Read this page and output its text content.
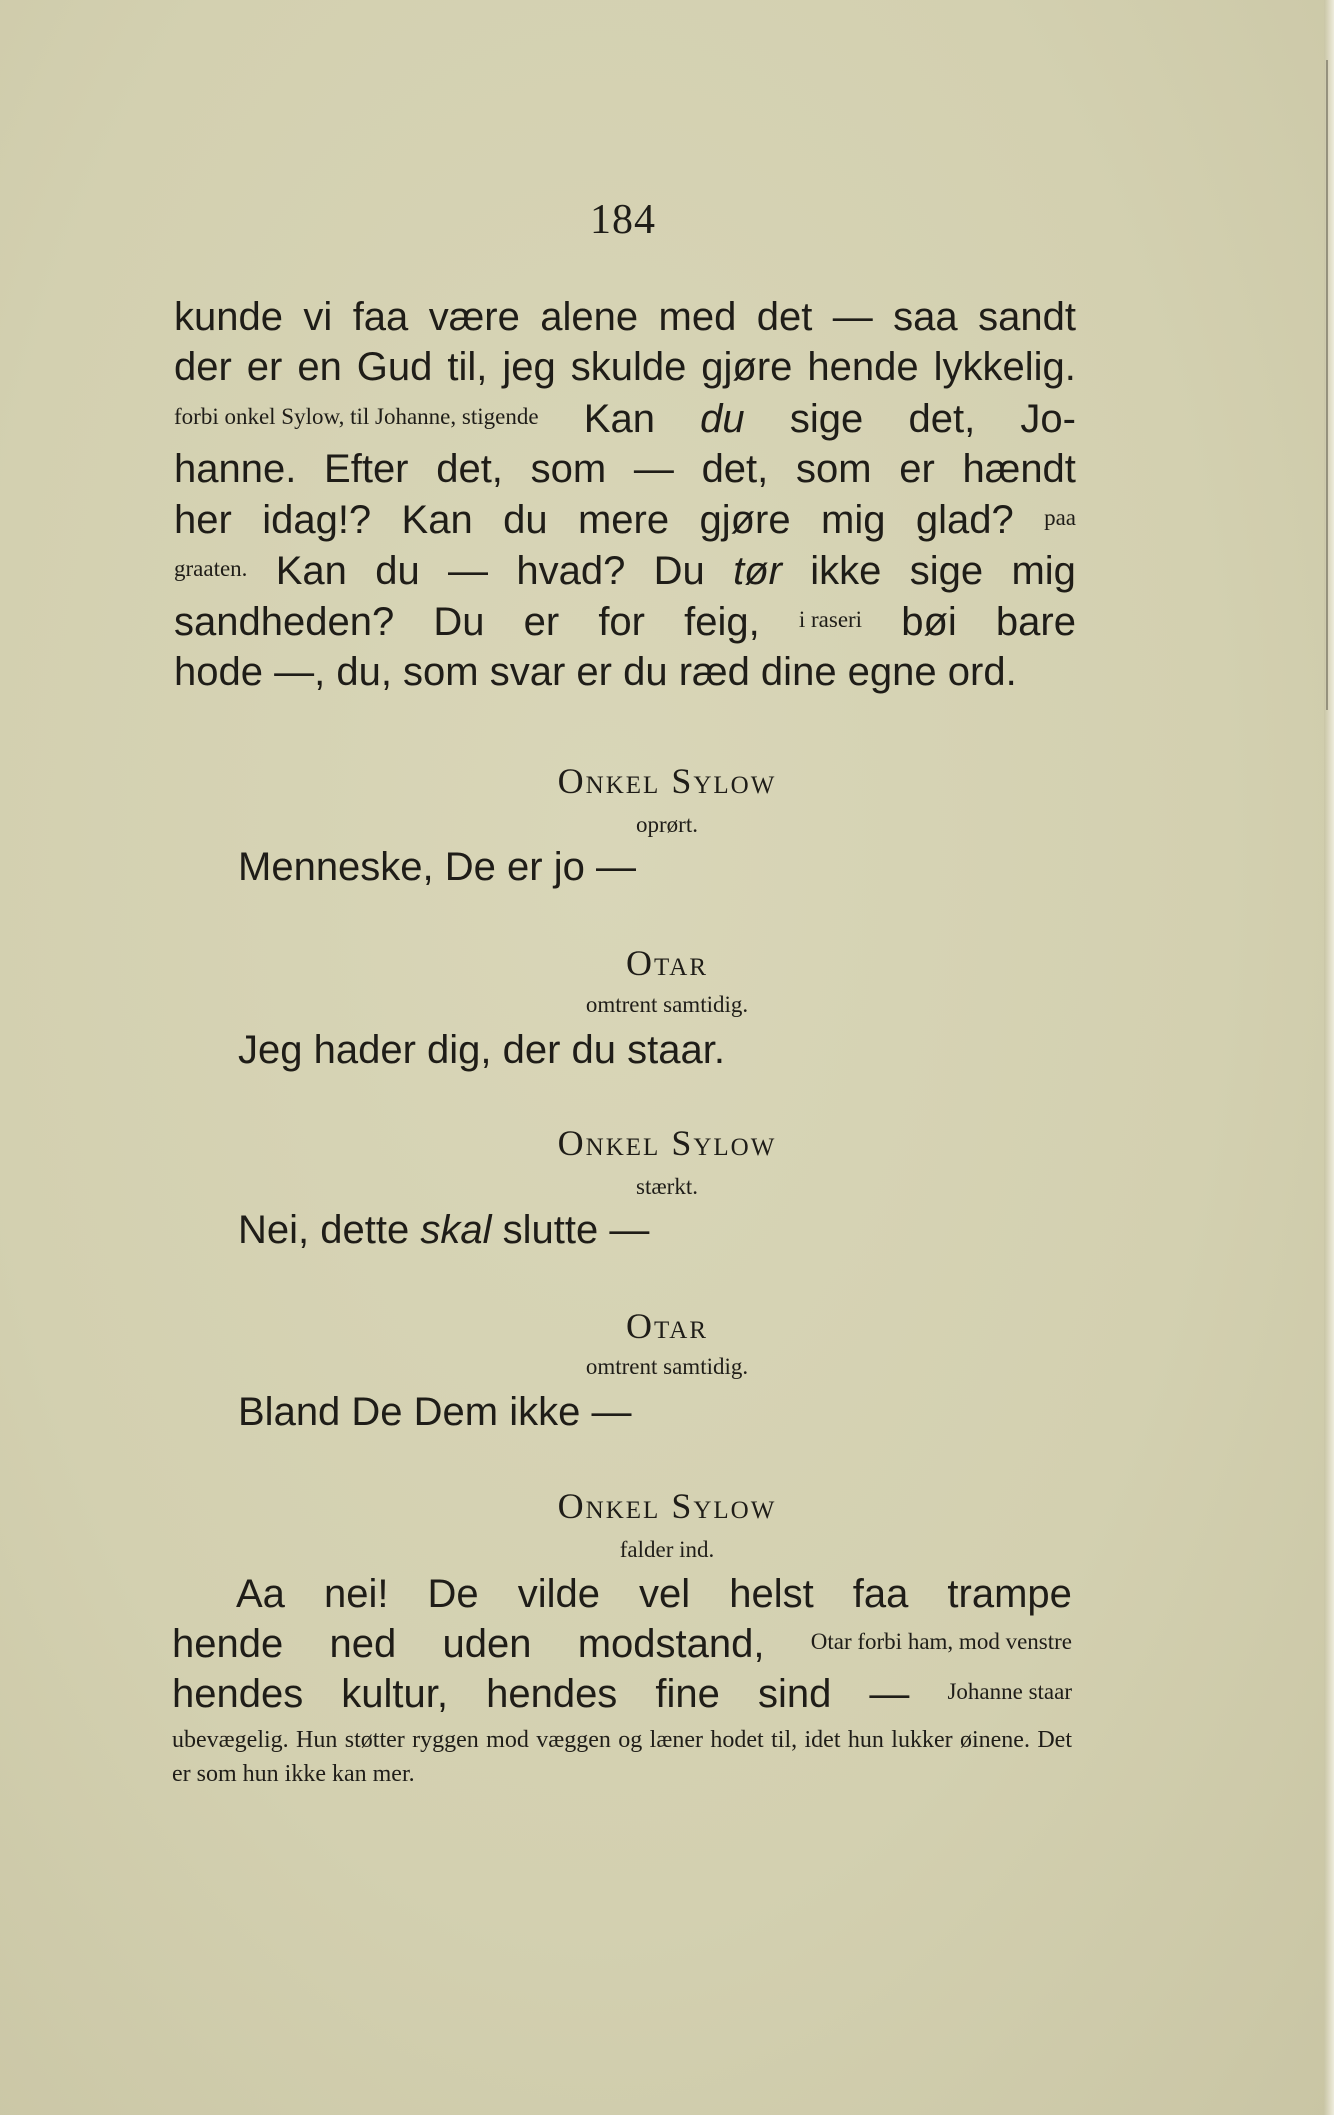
184
kunde vi faa være alene med det — saa sandt
der er en Gud til, jeg skulde gjøre hende lykkelig.
forbi onkel Sylow, til Johanne, stigende Kan du sige det, Jo-
hanne. Efter det, som — det, som er hændt
her idag!? Kan du mere gjøre mig glad? paa
graaten. Kan du — hvad? Du tør ikke sige mig
sandheden? Du er for feig, i raseri bøi bare
hode —, du, som svar er du ræd dine egne ord.
Onkel Sylow
oprørt.
Menneske, De er jo —
Otar
omtrent samtidig.
Jeg hader dig, der du staar.
Onkel Sylow
stærkt.
Nei, dette skal slutte —
Otar
omtrent samtidig.
Bland De Dem ikke —
Onkel Sylow
falder ind.
Aa nei! De vilde vel helst faa trampe
hende ned uden modstand, Otar forbi ham, mod venstre
hendes kultur, hendes fine sind — Johanne staar
ubevægelig. Hun støtter ryggen mod væggen og læner hodet til, idet hun lukker øinene. Det er som hun ikke kan mer.
